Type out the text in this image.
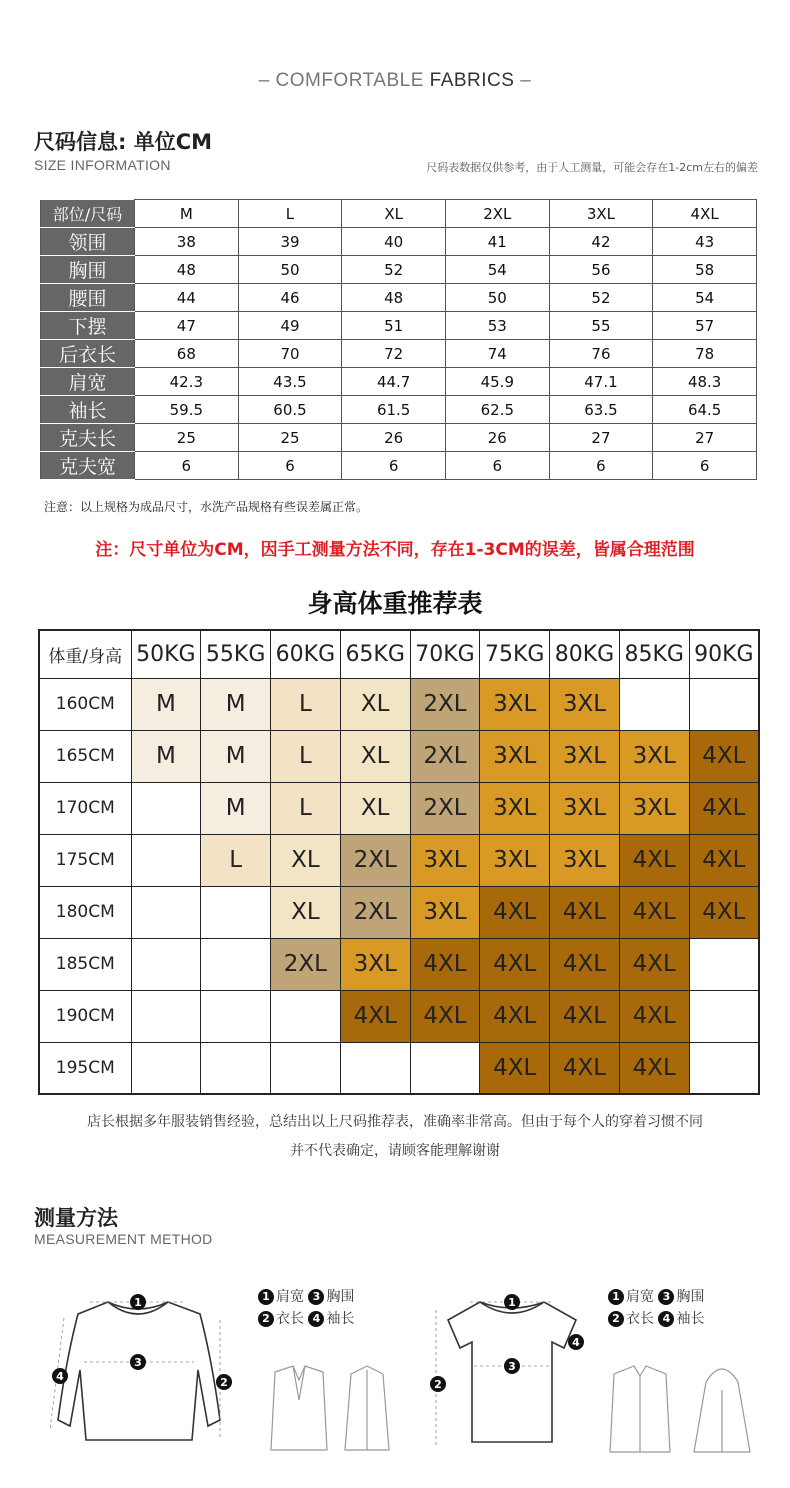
– COMFORTABLE FABRICS –
尺码信息: 单位CM
SIZE INFORMATION	尺码表数据仅供参考，由于人工测量，可能会存在1-2cm左右的偏差
部位/尺码	M	L	XL	2XL	3XL	4XL
领围	38	39	40	41	42	43
胸围	48	50	52	54	56	58
腰围	44	46	48	50	52	54
下摆	47	49	51	53	55	57
后衣长	68	70	72	74	76	78
肩宽	42.3	43.5	44.7	45.9	47.1	48.3
袖长	59.5	60.5	61.5	62.5	63.5	64.5
克夫长	25	25	26	26	27	27
克夫宽	6	6	6	6	6	6
注意：以上规格为成品尺寸，水洗产品规格有些误差属正常。
注：尺寸单位为CM，因手工测量方法不同，存在1-3CM的误差，皆属合理范围
身高体重推荐表
体重/身高	50KG	55KG	60KG	65KG	70KG	75KG	80KG	85KG	90KG
160CM	M	M	L	XL	2XL	3XL	3XL		
165CM	M	M	L	XL	2XL	3XL	3XL	3XL	4XL
170CM		M	L	XL	2XL	3XL	3XL	3XL	4XL
175CM		L	XL	2XL	3XL	3XL	3XL	4XL	4XL
180CM			XL	2XL	3XL	4XL	4XL	4XL	4XL
185CM			2XL	3XL	4XL	4XL	4XL	4XL	
190CM				4XL	4XL	4XL	4XL	4XL	
195CM						4XL	4XL	4XL	
店长根据多年服装销售经验，总结出以上尺码推荐表，准确率非常高。但由于每个人的穿着习惯不同
并不代表确定，请顾客能理解谢谢
测量方法
MEASUREMENT METHOD
1
3
4	2
1 肩宽 3 胸围
2 衣长 4 袖长
1
3
2
4
1 肩宽 3 胸围
2 衣长 4 袖长
